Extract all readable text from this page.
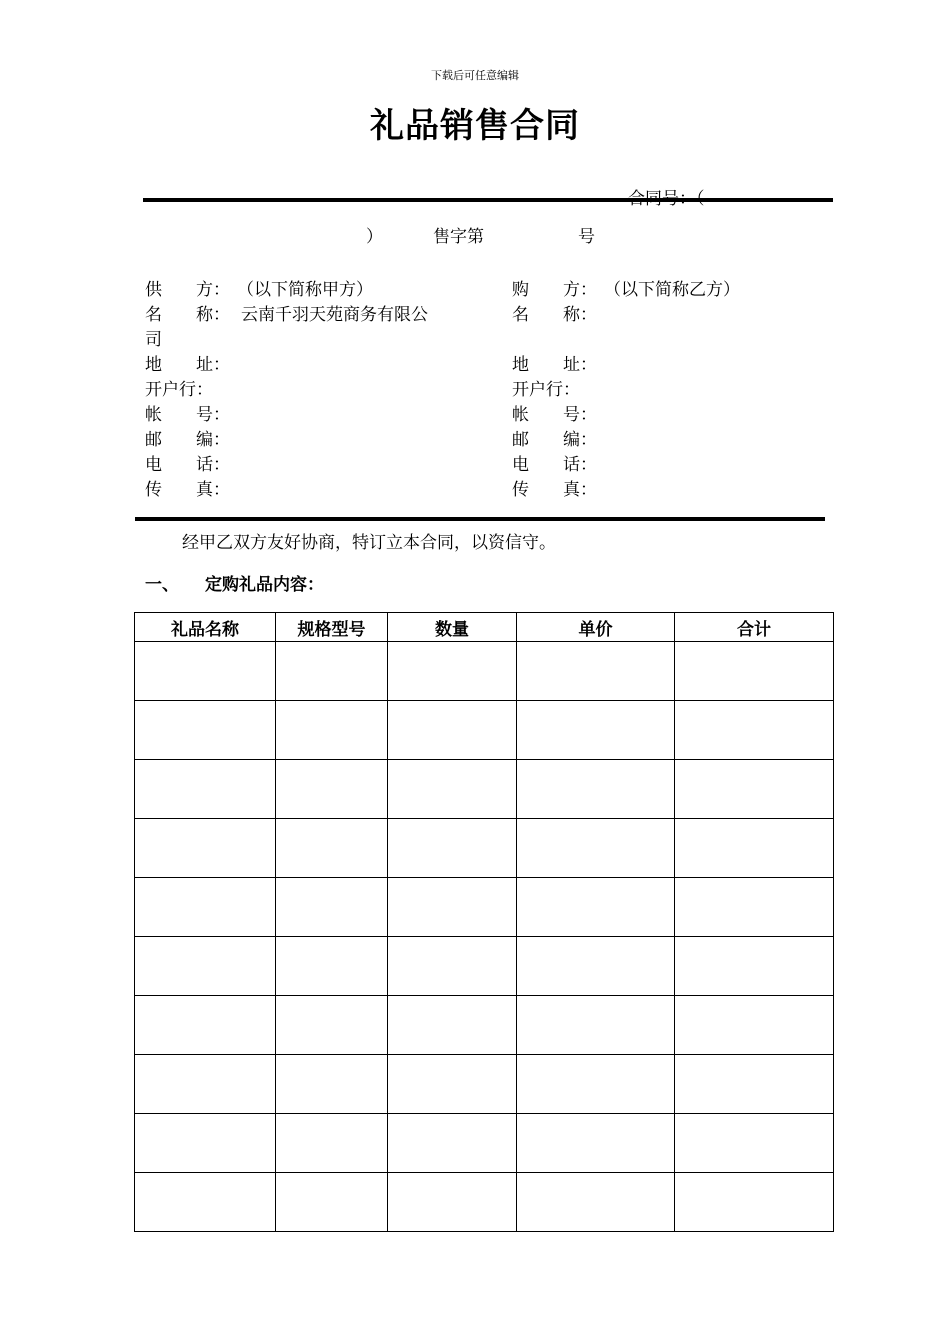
下载后可任意编辑
礼品销售合同
）	售字第	号
供　　方： （以下简称甲方）
名　　称： 云南千羽天苑商务有限公
司
地　　址：
开户行：
帐　　号：
邮　　编：
电　　话：
传　　真：
购　　方： （以下简称乙方）
名　　称：
地　　址：
开户行：
帐　　号：
邮　　编：
电　　话：
传　　真：
经甲乙双方友好协商，特订立本合同，以资信守。
一、 定购礼品内容：
礼品名称	规格型号	数量	单价	合计
